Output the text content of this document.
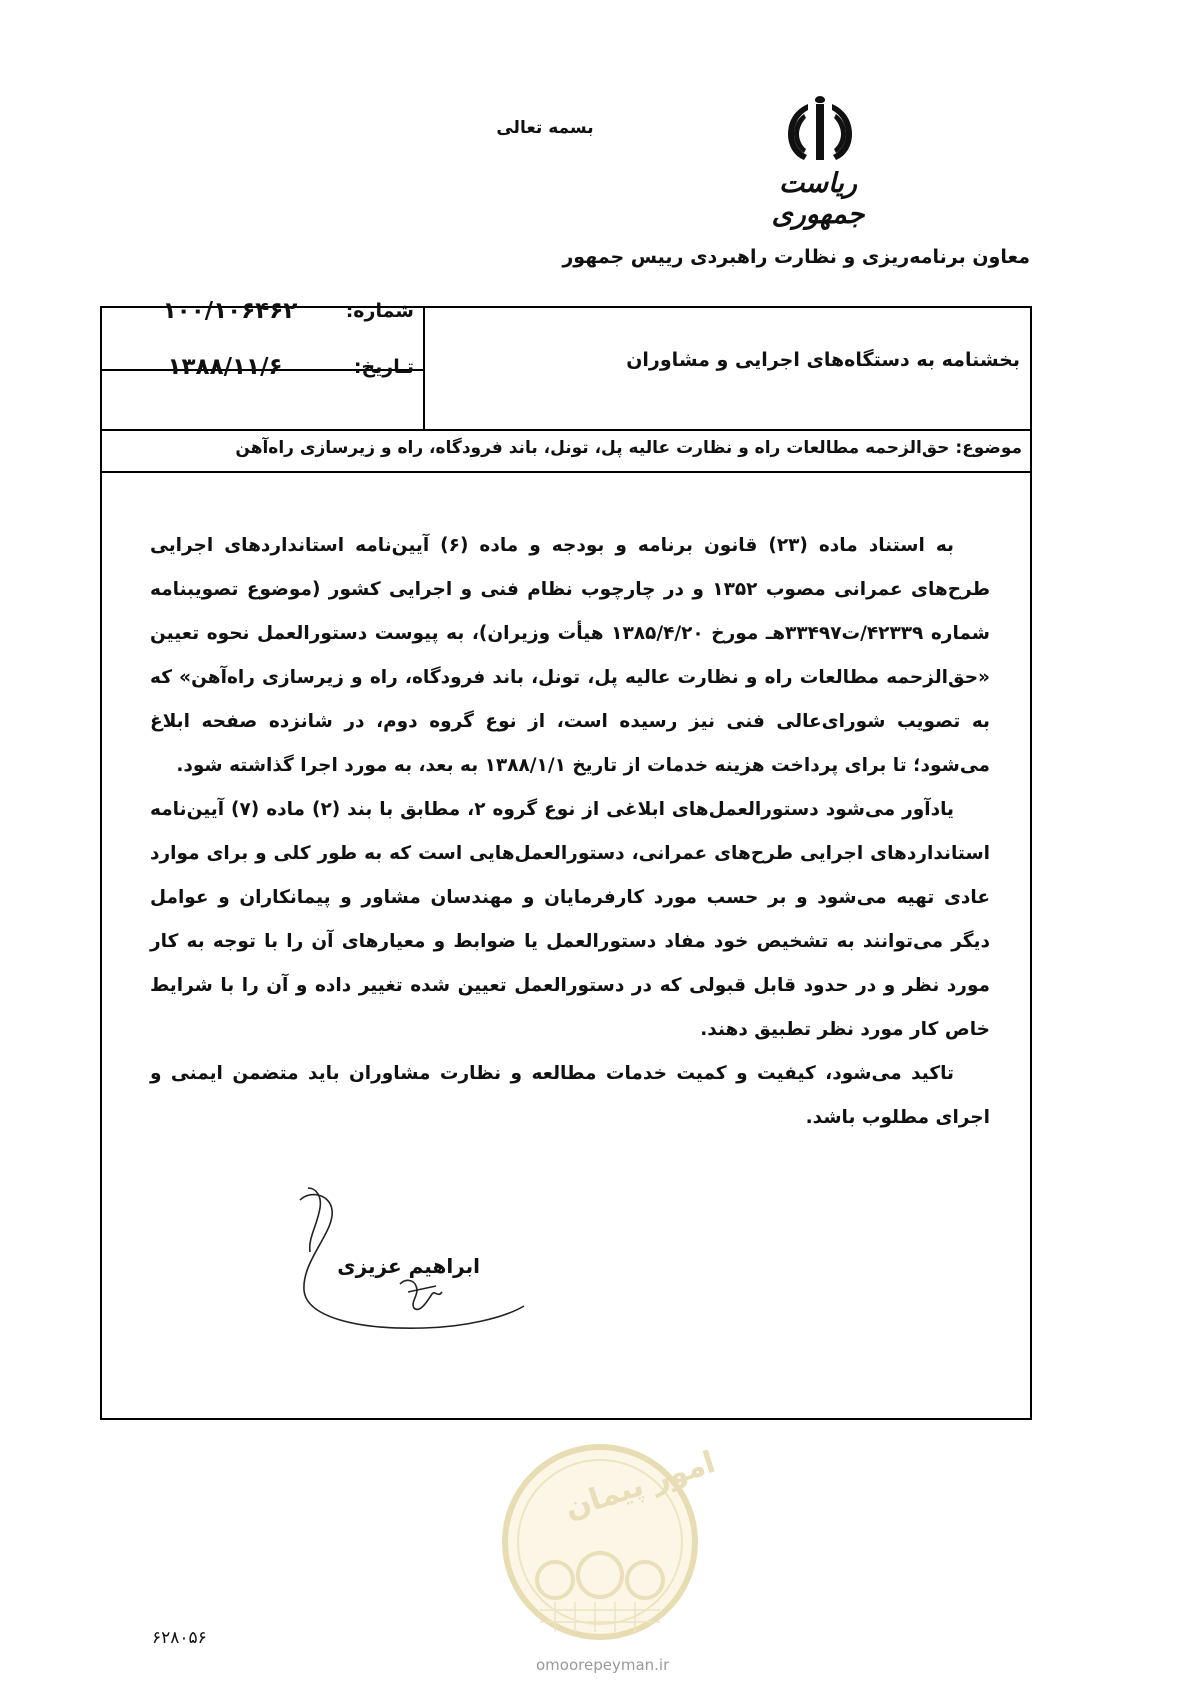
بسمه تعالی
ریاست جمهوری
معاون برنامه‌ریزی و نظارت راهبردی رییس جمهور
شماره:
۱۰۰/۱۰۶۴۶۲
تـاریخ:
۱۳۸۸/۱۱/۶	بخشنامه به دستگاه‌های اجرایی و مشاوران
موضوع: حق‌الزحمه مطالعات راه و نظارت عالیه پل، تونل، باند فرودگاه، راه و زیرسازی راه‌آهن

به استناد ماده (۲۳) قانون برنامه و بودجه و ماده (۶) آیین‌نامه استانداردهای اجرایی طرح‌های عمرانی مصوب ۱۳۵۲ و در چارچوب نظام فنی و اجرایی کشور (موضوع تصویبنامه شماره ۴۲۳۳۹/ت۳۳۴۹۷هـ مورخ ۱۳۸۵/۴/۲۰ هیأت وزیران)، به پیوست دستورالعمل نحوه تعیین «حق‌الزحمه مطالعات راه و نظارت عالیه پل، تونل، باند فرودگاه، راه و زیرسازی راه‌آهن» که به تصویب شورای‌عالی فنی نیز رسیده است، از نوع گروه دوم، در شانزده صفحه ابلاغ می‌شود؛ تا برای پرداخت هزینه خدمات از تاریخ ۱۳۸۸/۱/۱ به بعد، به مورد اجرا گذاشته شود.

یادآور می‌شود دستورالعمل‌های ابلاغی از نوع گروه ۲، مطابق با بند (۲) ماده (۷) آیین‌نامه استانداردهای اجرایی طرح‌های عمرانی، دستورالعمل‌هایی است که به طور کلی و برای موارد عادی تهیه می‌شود و بر حسب مورد کارفرمایان و مهندسان مشاور و پیمانکاران و عوامل دیگر می‌توانند به تشخیص خود مفاد دستورالعمل یا ضوابط و معیارهای آن را با توجه به کار مورد نظر و در حدود قابل قبولی که در دستورالعمل تعیین شده تغییر داده و آن را با شرایط خاص کار مورد نظر تطبیق دهند.

تاکید می‌شود، کیفیت و کمیت خدمات مطالعه و نظارت مشاوران باید متضمن ایمنی و اجرای مطلوب باشد.

ابراهیم عزیزی
امور پیمان
omoorepeyman.ir
۶۲۸۰۵۶
